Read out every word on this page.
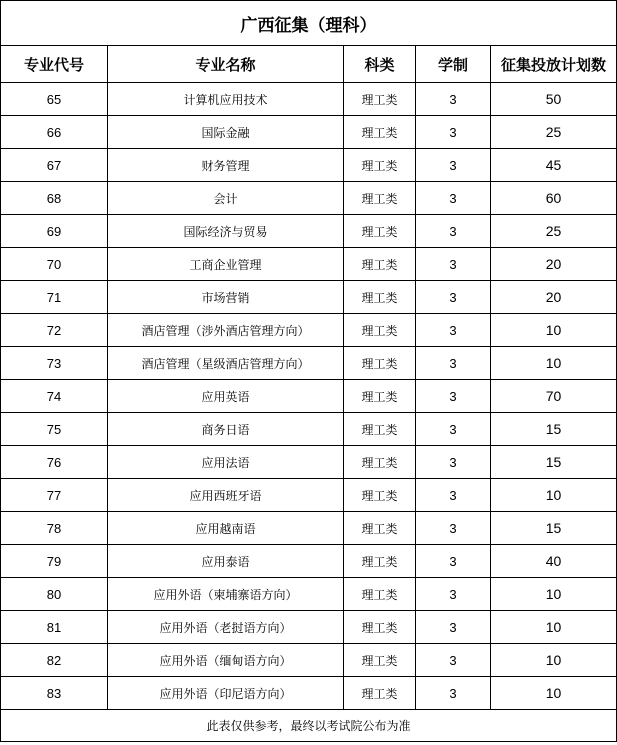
广西征集（理科）				
专业代号	专业名称	科类	学制	征集投放计划数
65	计算机应用技术	理工类	3	50
66	国际金融	理工类	3	25
67	财务管理	理工类	3	45
68	会计	理工类	3	60
69	国际经济与贸易	理工类	3	25
70	工商企业管理	理工类	3	20
71	市场营销	理工类	3	20
72	酒店管理（涉外酒店管理方向）	理工类	3	10
73	酒店管理（星级酒店管理方向）	理工类	3	10
74	应用英语	理工类	3	70
75	商务日语	理工类	3	15
76	应用法语	理工类	3	15
77	应用西班牙语	理工类	3	10
78	应用越南语	理工类	3	15
79	应用泰语	理工类	3	40
80	应用外语（柬埔寨语方向）	理工类	3	10
81	应用外语（老挝语方向）	理工类	3	10
82	应用外语（缅甸语方向）	理工类	3	10
83	应用外语（印尼语方向）	理工类	3	10
此表仅供参考，最终以考试院公布为准				
